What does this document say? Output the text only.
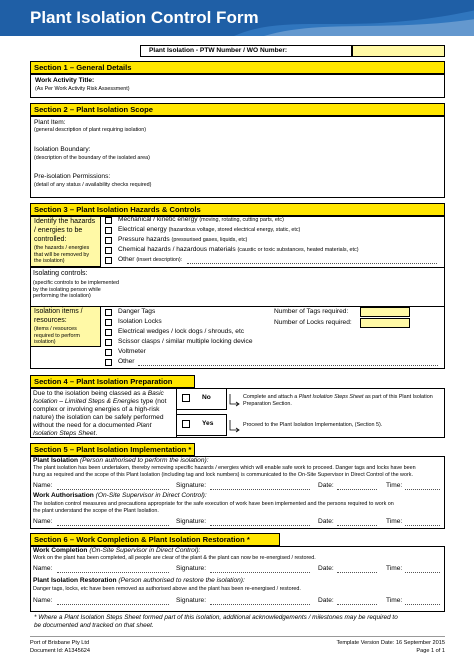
Plant Isolation Control Form
Plant Isolation - PTW Number / WO Number:
Section 1 – General Details
Work Activity Title:
(As Per Work Activity Risk Assessment)
Section 2 – Plant Isolation Scope
Plant Item:
(general description of plant requiring isolation)
Isolation Boundary:
(description of the boundary of the isolated area)
Pre-isolation Permissions:
(detail of any status / availability checks required)
Section 3 – Plant Isolation Hazards & Controls
Identify the hazards
/ energies to be
controlled:
(the hazards / energies
that will be removed by
the isolation)
Mechanical / kinetic energy (moving, rotating, cutting parts, etc)
Electrical energy (hazardous voltage, stored electrical energy, static, etc)
Pressure hazards (pressurised gases, liquids, etc)
Chemical hazards / hazardous materials (caustic or toxic substances, heated materials, etc)
Other (insert description):
Isolating controls:
(specific controls to be implemented
by the isolating person while
performing the isolation)
Isolation items /
resources:
(items / resources
required to perform
isolation)
Danger Tags
Isolation Locks
Electrical wedges / lock dogs / shrouds, etc
Scissor clasps / similar multiple locking device
Voltmeter
Other
Number of Tags required:
Number of Locks required:
Section 4 – Plant Isolation Preparation
Due to the isolation being classed as a Basic
Isolation – Limited Steps & Energies type (not
complex or involving energies of a high-risk
nature) the isolation can be safely performed
without the need for a documented Plant
Isolation Steps Sheet.
No
Yes
Complete and attach a Plant Isolation Steps Sheet as part of this Plant Isolation
Preparation Section.
Proceed to the Plant Isolation Implementation, (Section 5).
Section 5 – Plant Isolation Implementation *
Plant Isolation (Person authorised to perform the isolation):
The plant isolation has been undertaken, thereby removing specific hazards / energies which will enable safe work to proceed. Danger tags and locks have been
hung as required and the scope of this Plant Isolation (including tag and lock numbers) is communicated to the On-Site Supervisor in Direct Control of the work.
Name:	Signature:	Date:	Time:
Work Authorisation (On-Site Supervisor in Direct Control):
The isolation control measures and precautions appropriate for the safe execution of work have been implemented and the persons required to work on
the plant understand the scope of the Plant Isolation.
Name:	Signature:	Date:	Time:
Section 6 – Work Completion & Plant Isolation Restoration *
Work Completion (On-Site Supervisor in Direct Control):
Work on the plant has been completed, all people are clear of the plant & the plant can now be re-energised / restored.
Name:	Signature:	Date:	Time:
Plant Isolation Restoration (Person authorised to restore the isolation):
Danger tags, locks, etc have been removed as authorised above and the plant has been re-energised / restored.
Name:	Signature:	Date:	Time:
* Where a Plant Isolation Steps Sheet formed part of this isolation, additional acknowledgements / milestones may be required to
be documented and tracked on that sheet.
Port of Brisbane Pty Ltd
Document Id: A1345624
Template Version Date: 16 September 2015
Page 1 of 1
